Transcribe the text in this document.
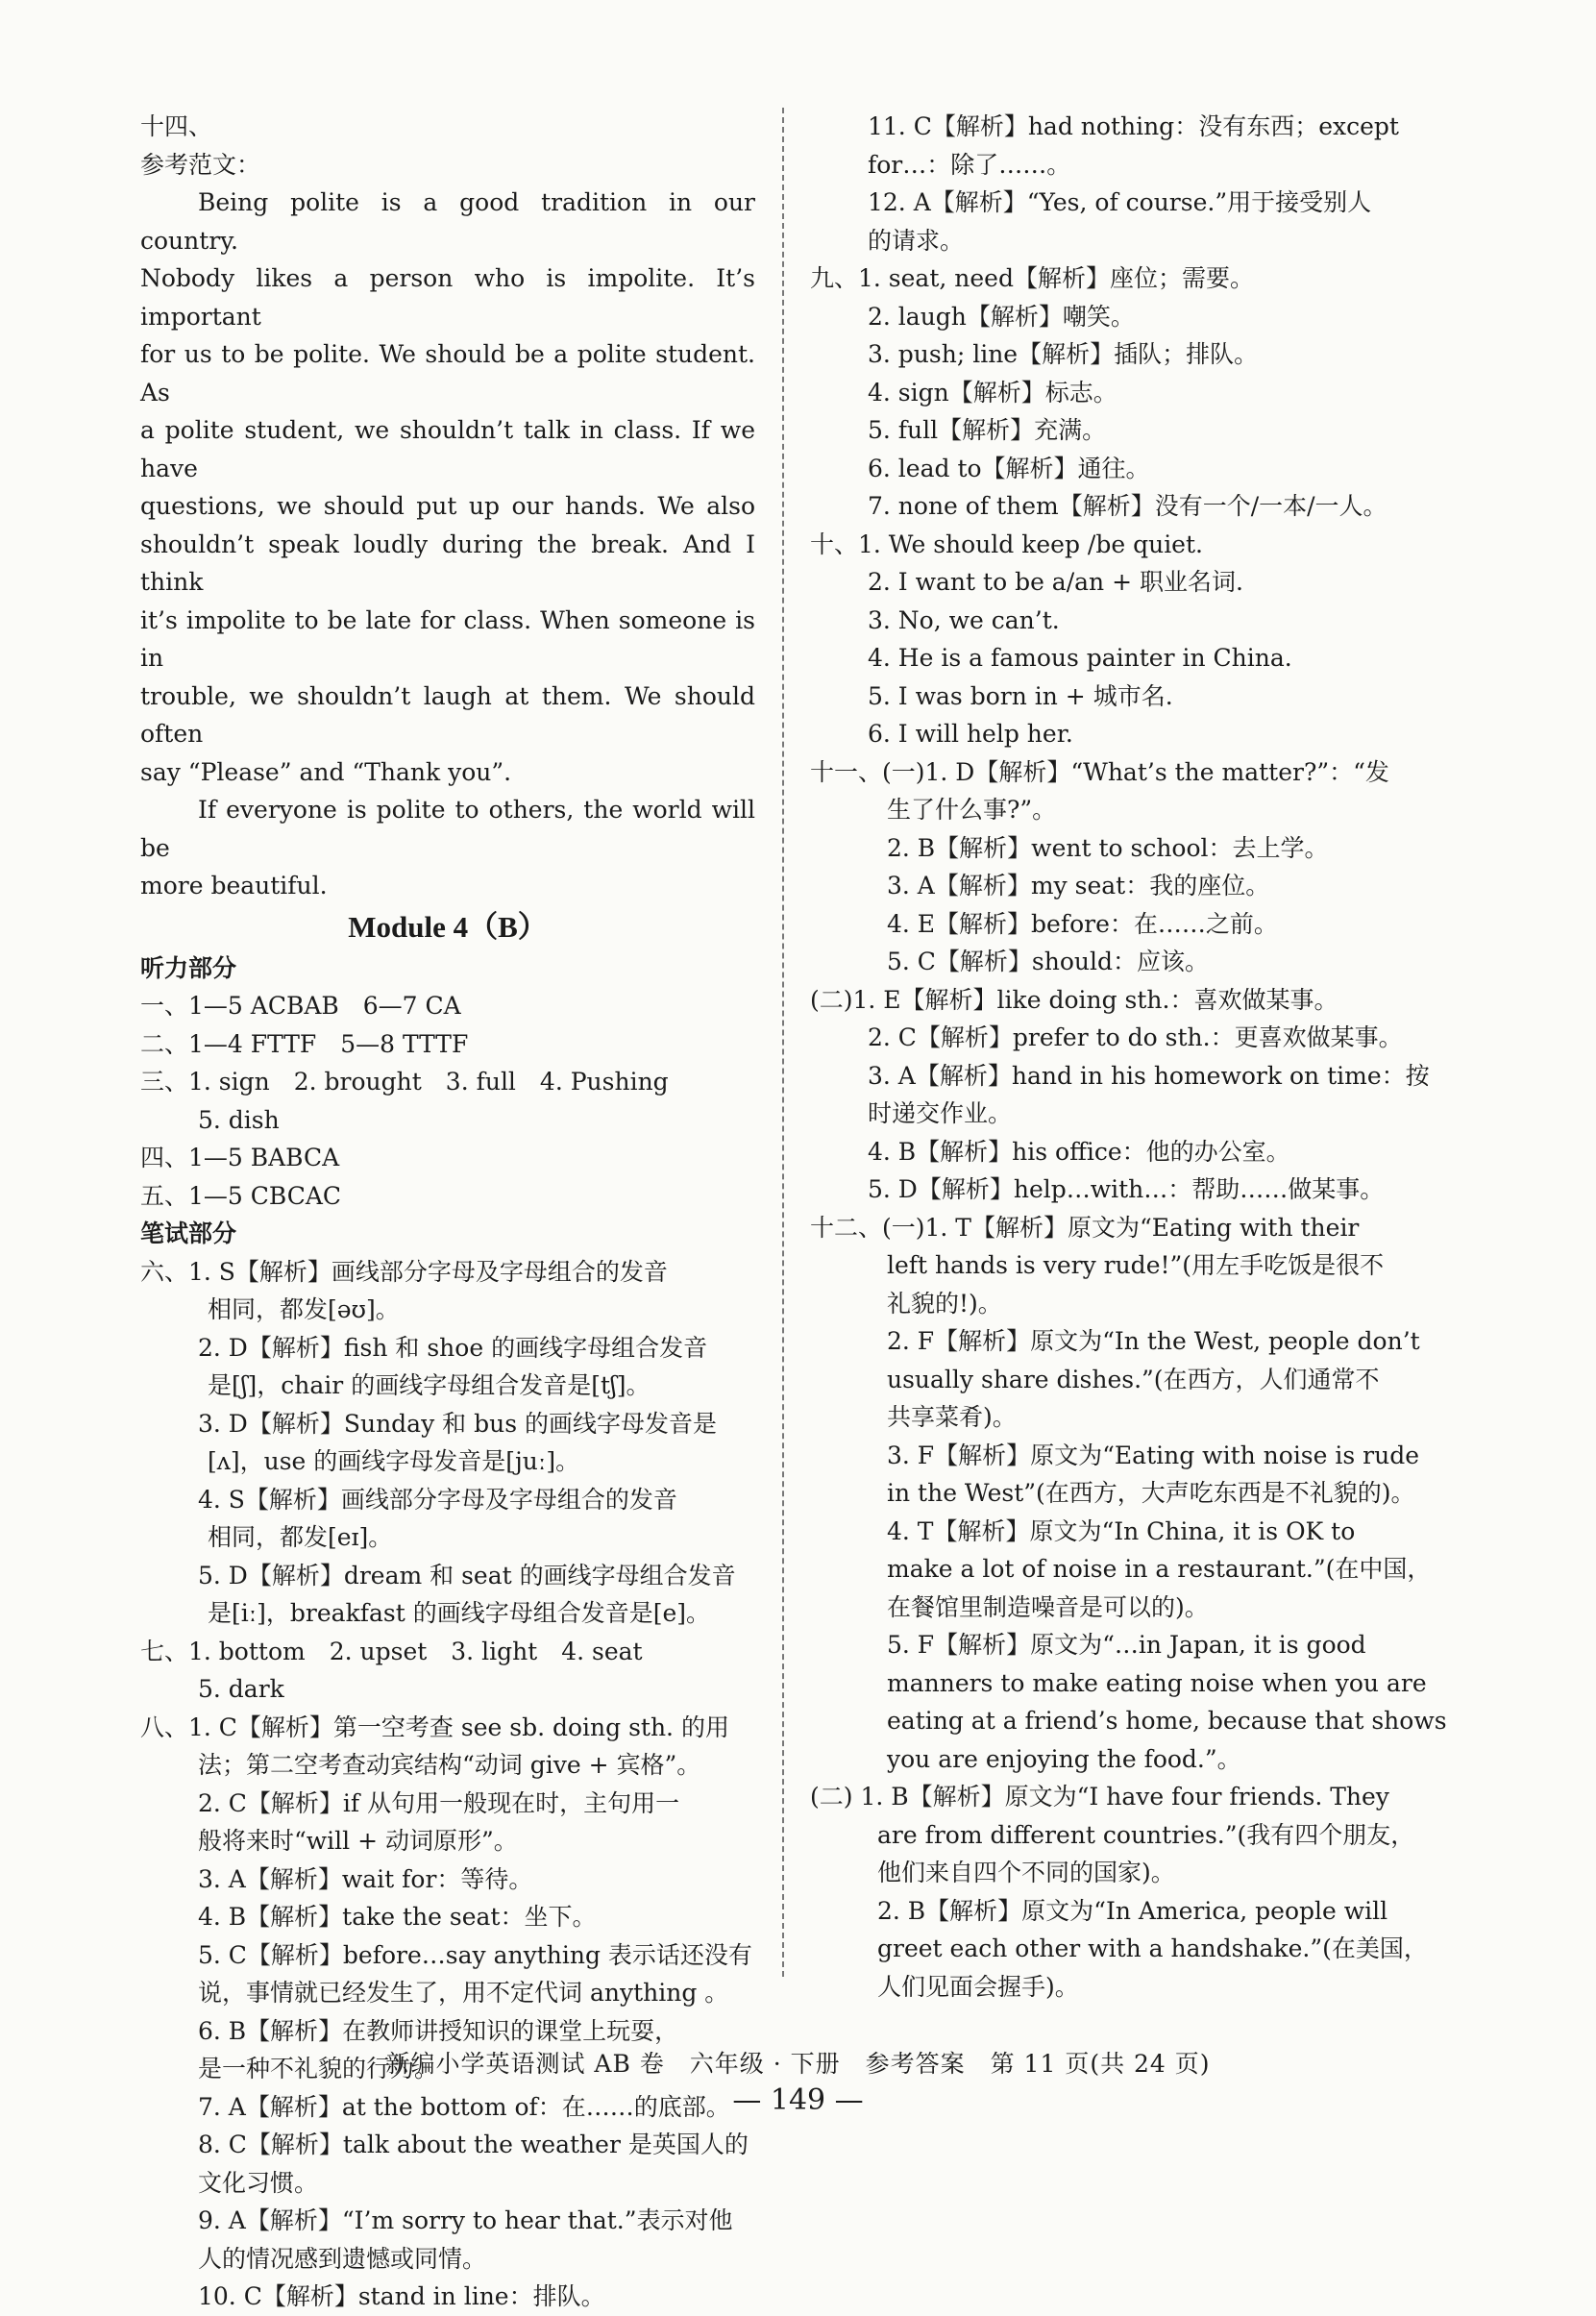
十四、
参考范文：
Being polite is a good tradition in our country.
Nobody likes a person who is impolite. It’s important
for us to be polite. We should be a polite student. As
a polite student, we shouldn’t talk in class. If we have
questions, we should put up our hands. We also
shouldn’t speak loudly during the break. And I think
it’s impolite to be late for class. When someone is in
trouble, we shouldn’t laugh at them. We should often
say “Please” and “Thank you”.
If everyone is polite to others, the world will be
more beautiful.
Module 4（B）
听力部分
一、1—5 ACBAB　6—7 CA
二、1—4 FTTF　5—8 TTTF
三、1. sign　2. brought　3. full　4. Pushing
5. dish
四、1—5 BABCA
五、1—5 CBCAC
笔试部分
六、1. S【解析】画线部分字母及字母组合的发音
相同，都发[əʊ]。
2. D【解析】fish 和 shoe 的画线字母组合发音
是[ʃ]，chair 的画线字母组合发音是[tʃ]。
3. D【解析】Sunday 和 bus 的画线字母发音是
[ʌ]，use 的画线字母发音是[juː]。
4. S【解析】画线部分字母及字母组合的发音
相同，都发[eɪ]。
5. D【解析】dream 和 seat 的画线字母组合发音
是[iː]，breakfast 的画线字母组合发音是[e]。
七、1. bottom　2. upset　3. light　4. seat
5. dark
八、1. C【解析】第一空考查 see sb. doing sth. 的用
法；第二空考查动宾结构“动词 give + 宾格”。
2. C【解析】if 从句用一般现在时，主句用一
般将来时“will + 动词原形”。
3. A【解析】wait for：等待。
4. B【解析】take the seat：坐下。
5. C【解析】before…say anything 表示话还没有
说，事情就已经发生了，用不定代词 anything 。
6. B【解析】在教师讲授知识的课堂上玩耍，
是一种不礼貌的行为。
7. A【解析】at the bottom of：在……的底部。
8. C【解析】talk about the weather 是英国人的
文化习惯。
9. A【解析】“I’m sorry to hear that.”表示对他
人的情况感到遗憾或同情。
10. C【解析】stand in line：排队。
11. C【解析】had nothing：没有东西；except
for…：除了……。
12. A【解析】“Yes, of course.”用于接受别人
的请求。
九、1. seat, need【解析】座位；需要。
2. laugh【解析】嘲笑。
3. push; line【解析】插队；排队。
4. sign【解析】标志。
5. full【解析】充满。
6. lead to【解析】通往。
7. none of them【解析】没有一个/一本/一人。
十、1. We should keep /be quiet.
2. I want to be a/an + 职业名词.
3. No, we can’t.
4. He is a famous painter in China.
5. I was born in + 城市名.
6. I will help her.
十一、(一)1. D【解析】“What’s the matter?”：“发
生了什么事?”。
2. B【解析】went to school：去上学。
3. A【解析】my seat：我的座位。
4. E【解析】before：在……之前。
5. C【解析】should：应该。
(二)1. E【解析】like doing sth.：喜欢做某事。
2. C【解析】prefer to do sth.：更喜欢做某事。
3. A【解析】hand in his homework on time：按
时递交作业。
4. B【解析】his office：他的办公室。
5. D【解析】help…with…：帮助……做某事。
十二、(一)1. T【解析】原文为“Eating with their
left hands is very rude!”(用左手吃饭是很不
礼貌的!)。
2. F【解析】原文为“In the West, people don’t
usually share dishes.”(在西方，人们通常不
共享菜肴)。
3. F【解析】原文为“Eating with noise is rude
in the West”(在西方，大声吃东西是不礼貌的)。
4. T【解析】原文为“In China, it is OK to
make a lot of noise in a restaurant.”(在中国，
在餐馆里制造噪音是可以的)。
5. F【解析】原文为“…in Japan, it is good
manners to make eating noise when you are
eating at a friend’s home, because that shows
you are enjoying the food.”。
(二) 1. B【解析】原文为“I have four friends. They
are from different countries.”(我有四个朋友，
他们来自四个不同的国家)。
2. B【解析】原文为“In America, people will
greet each other with a handshake.”(在美国，
人们见面会握手)。
新编小学英语测试 AB 卷　六年级 · 下册　参考答案　第 11 页(共 24 页)
— 149 —
